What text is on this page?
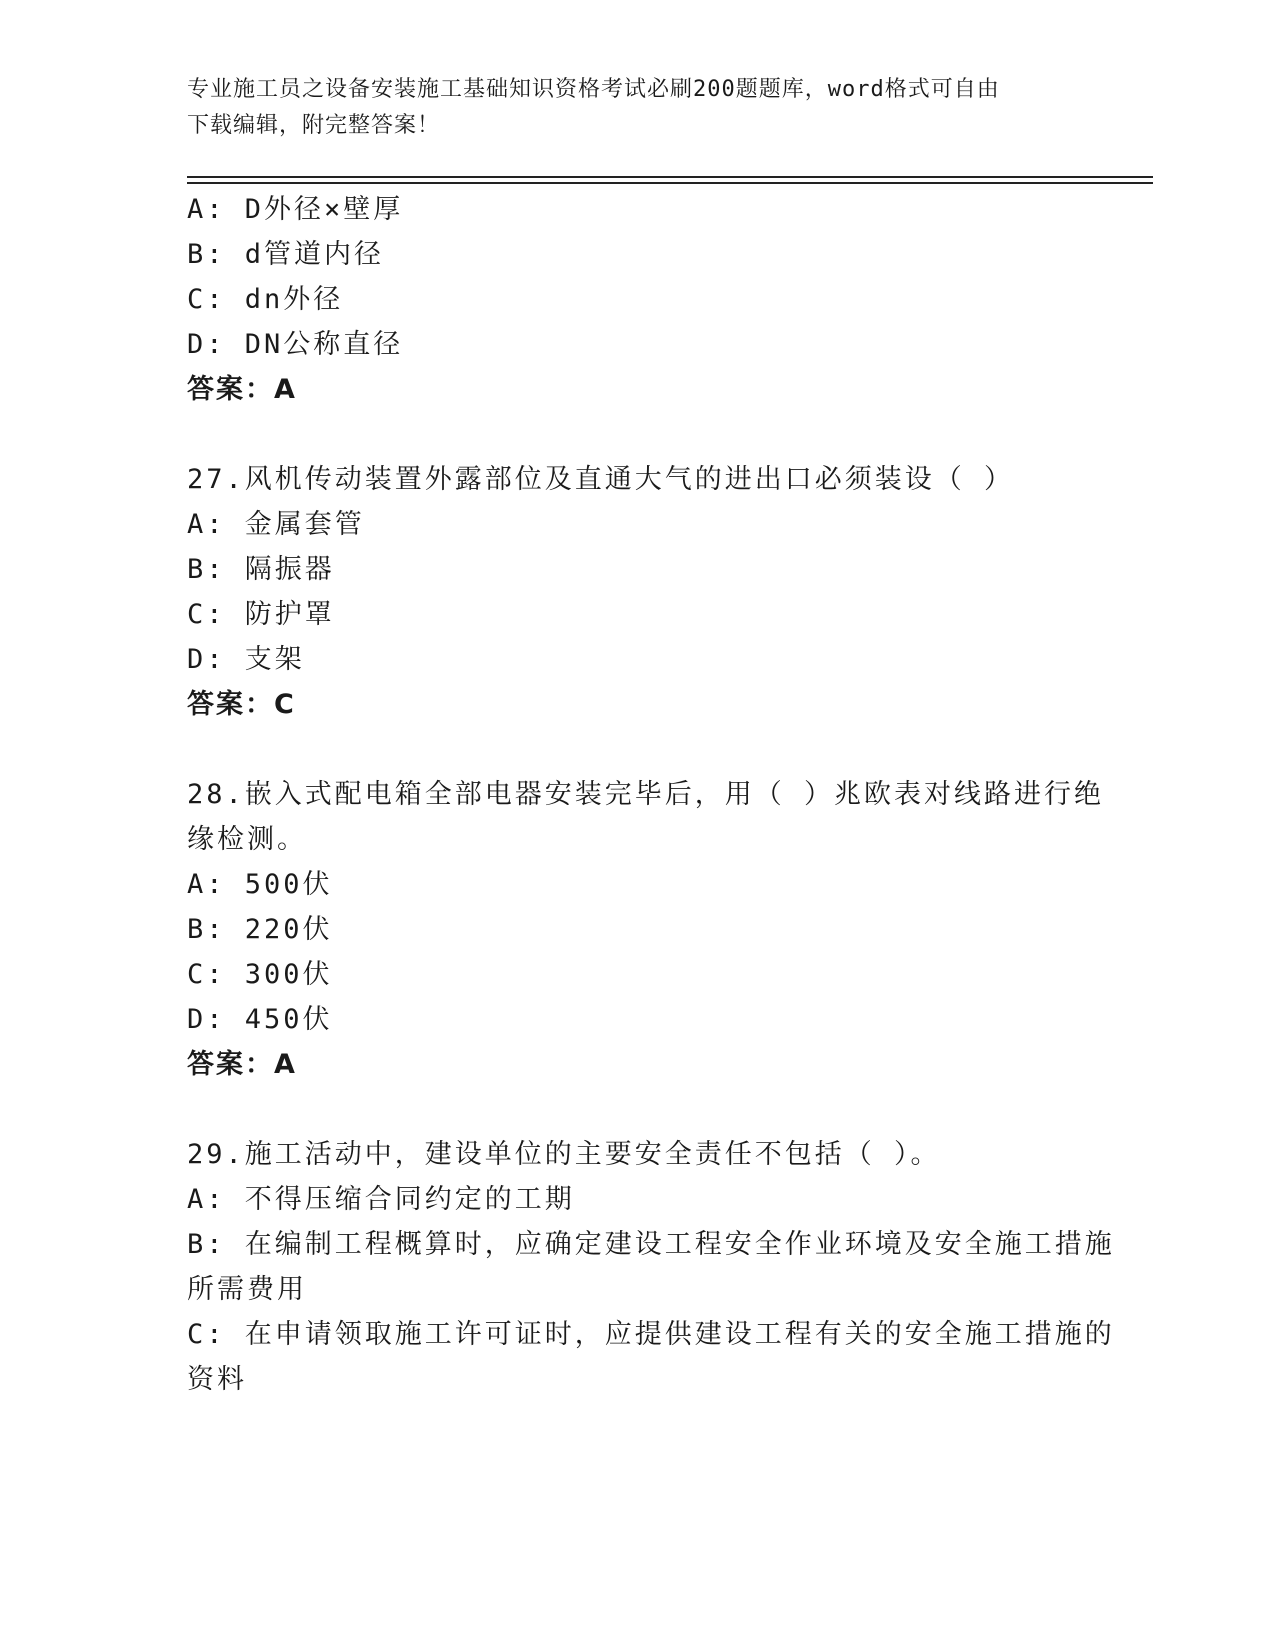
专业施工员之设备安装施工基础知识资格考试必刷200题题库，word格式可自由
下载编辑，附完整答案！
A: D外径×壁厚
B: d管道内径
C: dn外径
D: DN公称直径
答案：A
27.风机传动装置外露部位及直通大气的进出口必须装设（ ）
A: 金属套管
B: 隔振器
C: 防护罩
D: 支架
答案：C
28.嵌入式配电箱全部电器安装完毕后，用（ ）兆欧表对线路进行绝
缘检测。
A: 500伏
B: 220伏
C: 300伏
D: 450伏
答案：A
29.施工活动中，建设单位的主要安全责任不包括（ ）。
A: 不得压缩合同约定的工期
B: 在编制工程概算时，应确定建设工程安全作业环境及安全施工措施
所需费用
C: 在申请领取施工许可证时，应提供建设工程有关的安全施工措施的
资料
